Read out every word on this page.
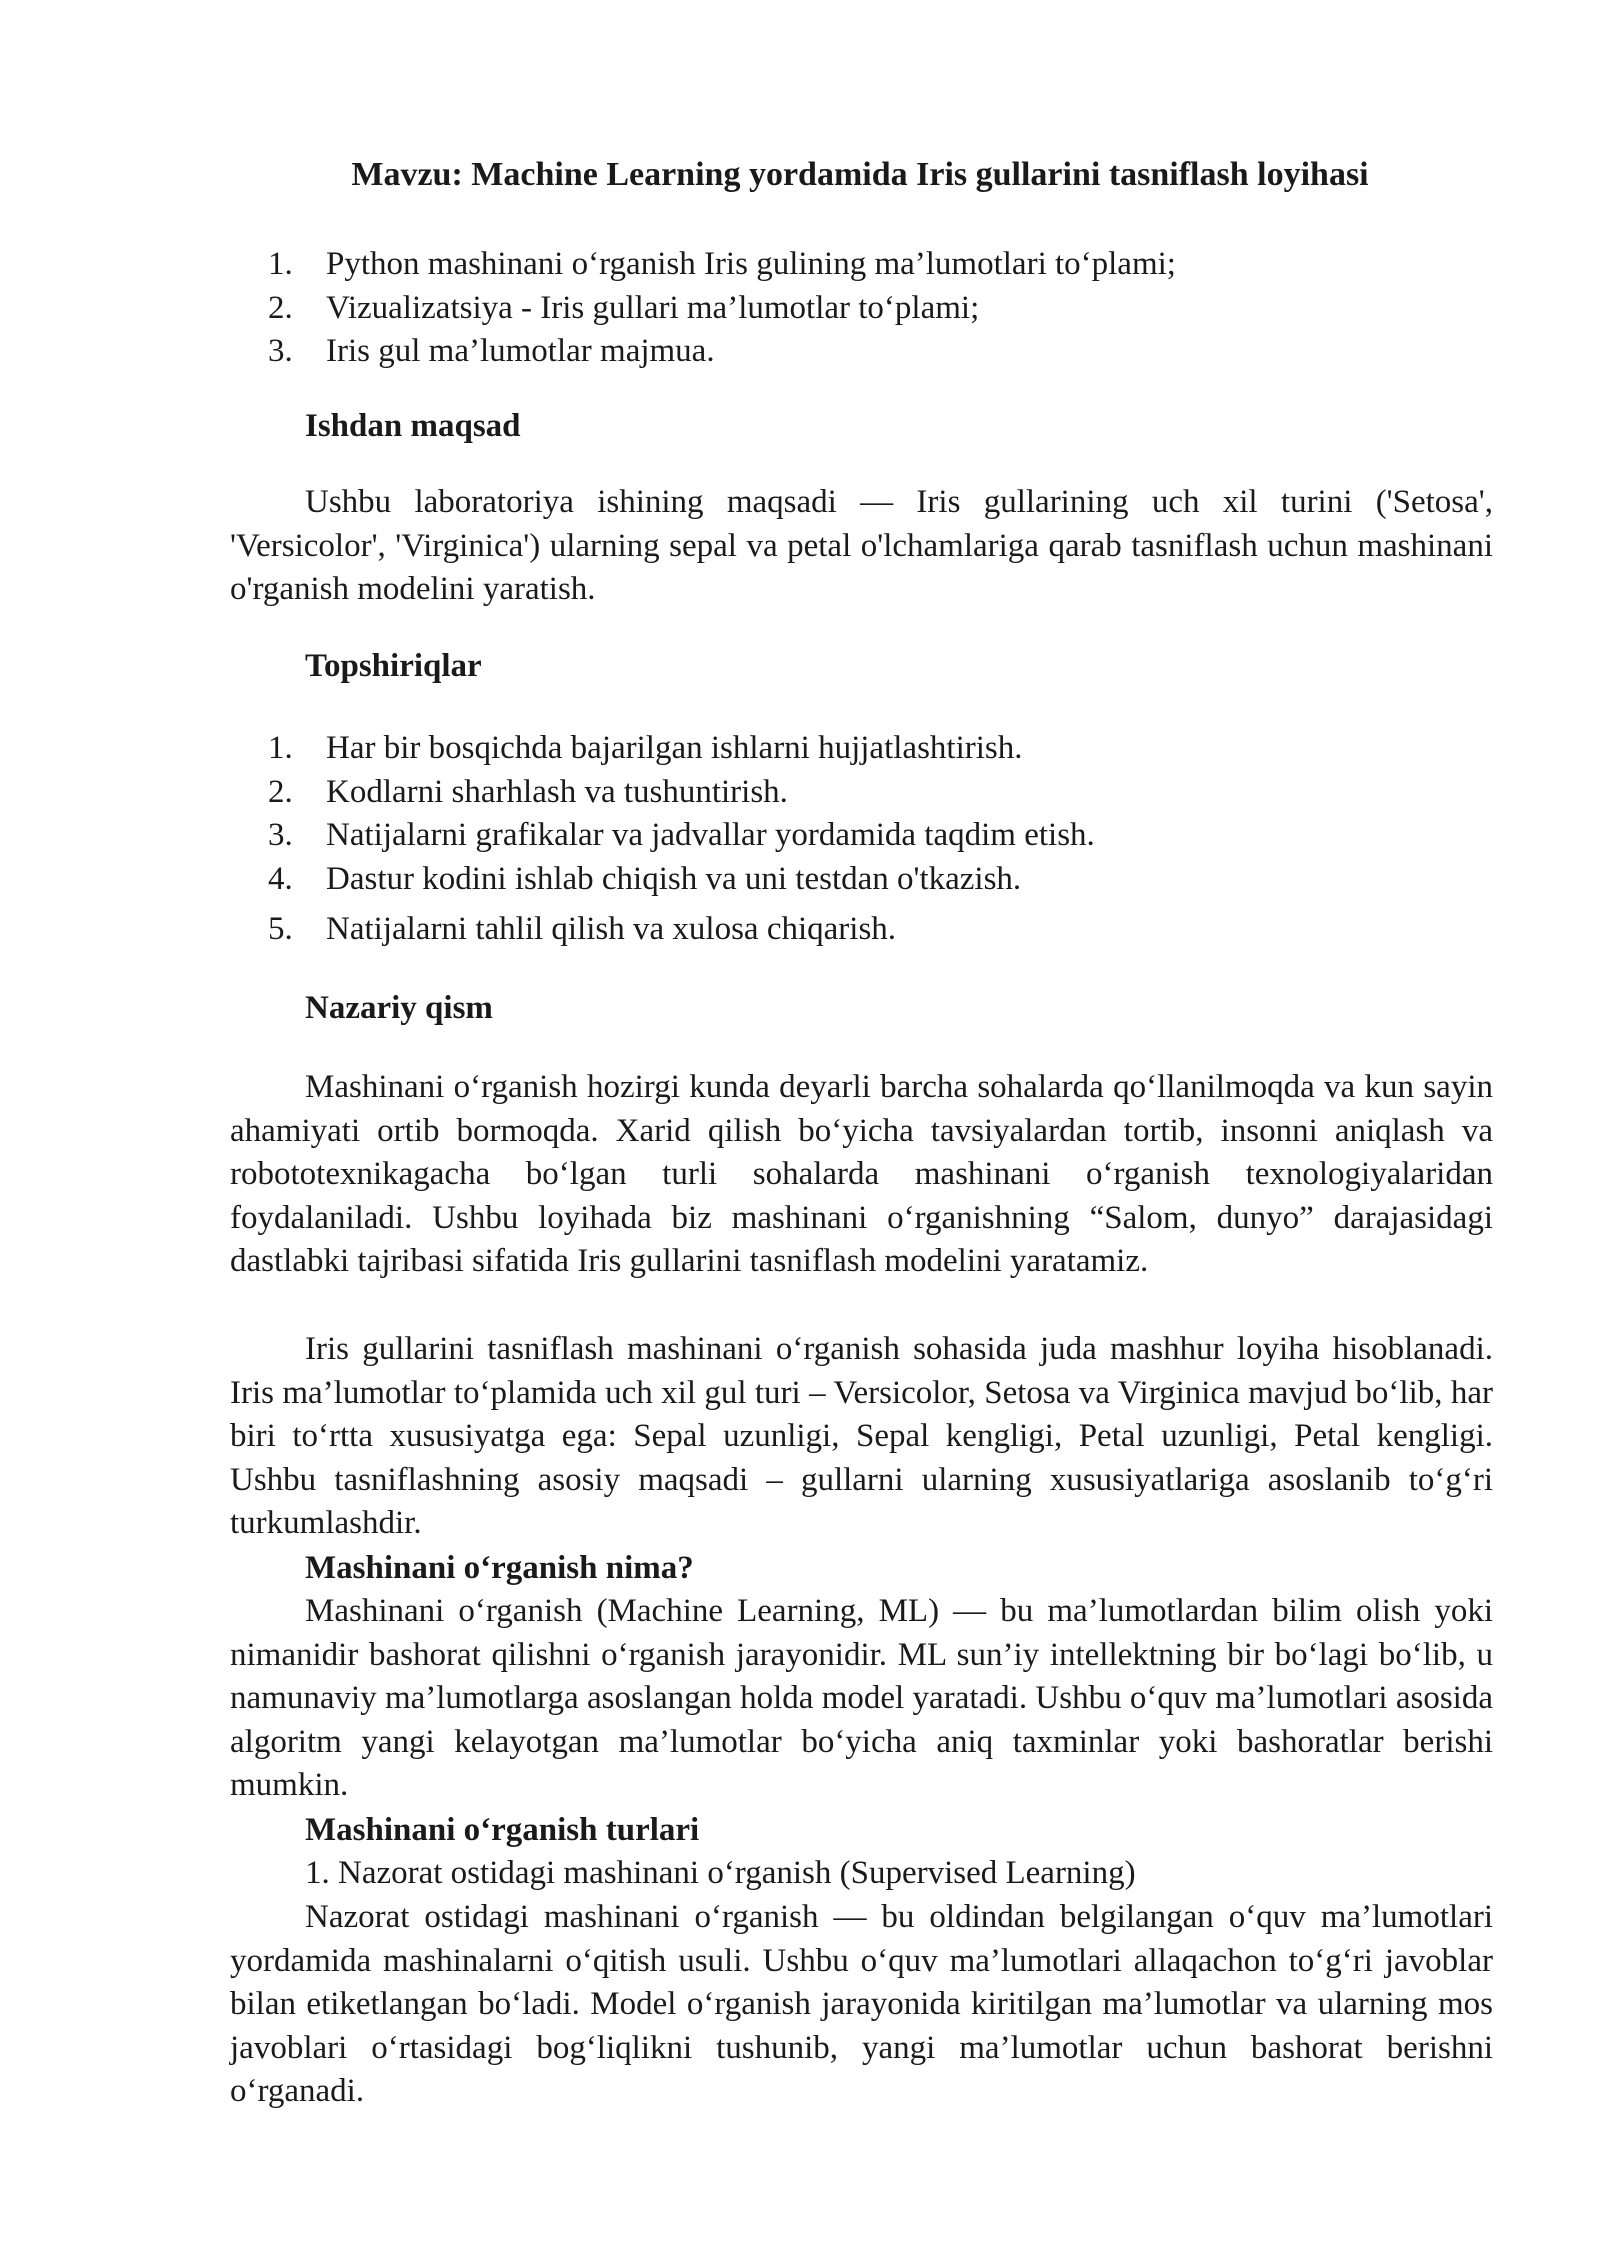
Mavzu: Machine Learning yordamida Iris gullarini tasniflash loyihasi
1. Python mashinani o‘rganish Iris gulining ma’lumotlari to‘plami;
2. Vizualizatsiya - Iris gullari ma’lumotlar to‘plami;
3. Iris gul ma’lumotlar majmua.
Ishdan maqsad

Ushbu laboratoriya ishining maqsadi — Iris gullarining uch xil turini ('Setosa', 'Versicolor', 'Virginica') ularning sepal va petal o'lchamlariga qarab tasniflash uchun mashinani o'rganish modelini yaratish.

Topshiriqlar
1. Har bir bosqichda bajarilgan ishlarni hujjatlashtirish.
2. Kodlarni sharhlash va tushuntirish.
3. Natijalarni grafikalar va jadvallar yordamida taqdim etish.
4. Dastur kodini ishlab chiqish va uni testdan o'tkazish.
5. Natijalarni tahlil qilish va xulosa chiqarish.
Nazariy qism

Mashinani o‘rganish hozirgi kunda deyarli barcha sohalarda qo‘llanilmoqda va kun sayin ahamiyati ortib bormoqda. Xarid qilish bo‘yicha tavsiyalardan tortib, insonni aniqlash va robototexnikagacha bo‘lgan turli sohalarda mashinani o‘rganish texnologiyalaridan foydalaniladi. Ushbu loyihada biz mashinani o‘rganishning “Salom, dunyo” darajasidagi dastlabki tajribasi sifatida Iris gullarini tasniflash modelini yaratamiz.

Iris gullarini tasniflash mashinani o‘rganish sohasida juda mashhur loyiha hisoblanadi. Iris ma’lumotlar to‘plamida uch xil gul turi – Versicolor, Setosa va Virginica mavjud bo‘lib, har biri to‘rtta xususiyatga ega: Sepal uzunligi, Sepal kengligi, Petal uzunligi, Petal kengligi. Ushbu tasniflashning asosiy maqsadi – gullarni ularning xususiyatlariga asoslanib to‘g‘ri turkumlashdir.

Mashinani o‘rganish nima?

Mashinani o‘rganish (Machine Learning, ML) — bu ma’lumotlardan bilim olish yoki nimanidir bashorat qilishni o‘rganish jarayonidir. ML sun’iy intellektning bir bo‘lagi bo‘lib, u namunaviy ma’lumotlarga asoslangan holda model yaratadi. Ushbu o‘quv ma’lumotlari asosida algoritm yangi kelayotgan ma’lumotlar bo‘yicha aniq taxminlar yoki bashoratlar berishi mumkin.

Mashinani o‘rganish turlari
1. Nazorat ostidagi mashinani o‘rganish (Supervised Learning)

Nazorat ostidagi mashinani o‘rganish — bu oldindan belgilangan o‘quv ma’lumotlari yordamida mashinalarni o‘qitish usuli. Ushbu o‘quv ma’lumotlari allaqachon to‘g‘ri javoblar bilan etiketlangan bo‘ladi. Model o‘rganish jarayonida kiritilgan ma’lumotlar va ularning mos javoblari o‘rtasidagi bog‘liqlikni tushunib, yangi ma’lumotlar uchun bashorat berishni o‘rganadi.
